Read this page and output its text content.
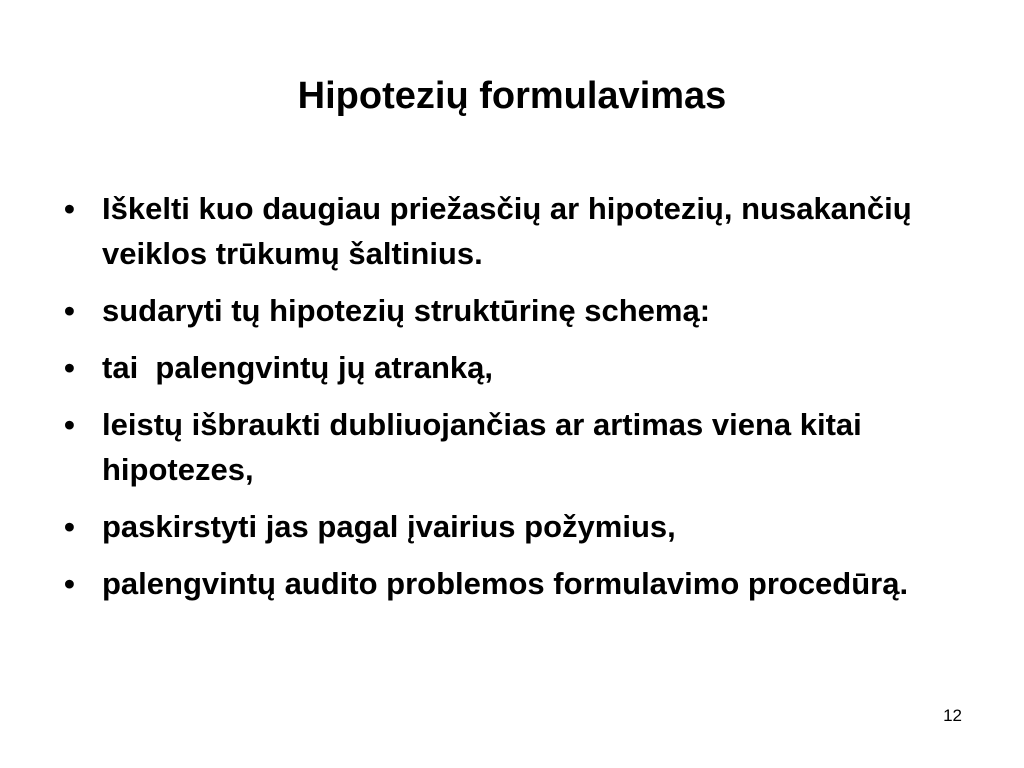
Hipotezių formulavimas
• Iškelti kuo daugiau priežasčių ar hipotezių, nusakančių veiklos trūkumų šaltinius.
• sudaryti tų hipotezių struktūrinę schemą:
• tai  palengvintų jų atranką,
• leistų išbraukti dubliuojančias ar artimas viena kitai hipotezes,
• paskirstyti jas pagal įvairius požymius,
• palengvintų audito problemos formulavimo procedūrą.
12
